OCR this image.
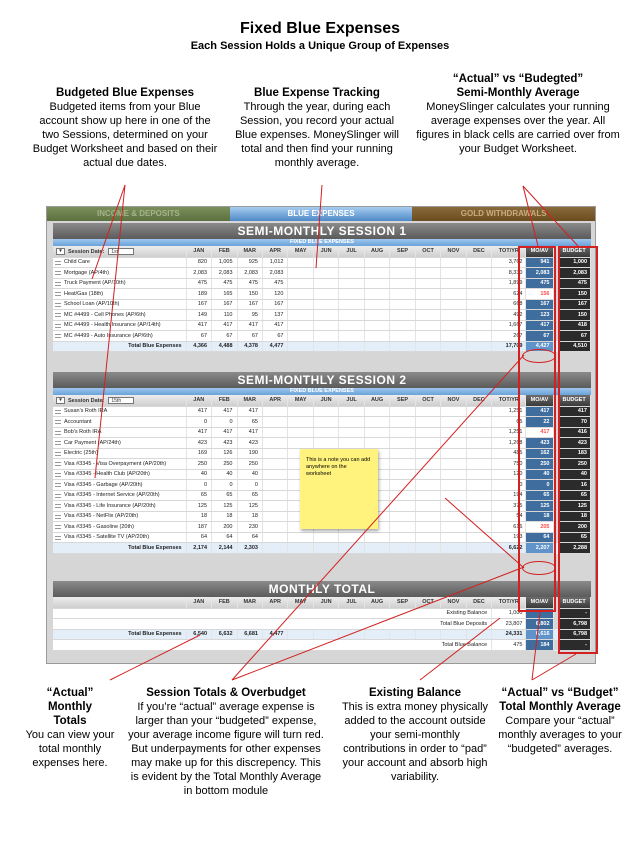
Fixed Blue Expenses
Each Session Holds a Unique Group of Expenses
Budgeted Blue Expenses
Budgeted items from your Blue account show up here in one of the two Sessions, determined on your Budget Worksheet and based on their actual due dates.
Blue Expense Tracking
Through the year, during each Session, you record your actual Blue expenses. MoneySlinger will total and then find your running monthly average.
“Actual” vs “Budegted” Semi-Monthly Average
MoneySlinger calculates your running average expenses over the year. All figures in black cells are carried over from your Budget Worksheet.
INCOME & DEPOSITS	BLUE EXPENSES	GOLD WITHDRAWALS
SEMI-MONTHLY SESSION 1
FIXED BLUE EXPENSES
▾ Session Date: 1st	JAN	FEB	MAR	APR	MAY	JUN	JUL	AUG	SEP	OCT	NOV	DEC	TOT/YR	MO/AV		BUDGET

Child Care	820	1,005	925	1,012									3,762	941		1,000

Mortgage (AP/4th)	2,083	2,083	2,083	2,083									8,330	2,083		2,083

Truck Payment (AP/10th)	475	475	475	475									1,899	475		475

Heat/Gas (18th)	189	165	150	120									624	156		150

School Loan (AP/10th)	167	167	167	167									668	167		167

MC #4499 - Cell Phones (AP/6th)	149	110	95	137									492	123		150

MC #4499 - Health Insurance (AP/14th)	417	417	417	417									1,667	417		418

MC #4499 - Auto Insurance (AP/6th)	67	67	67	67									267	67		67
Total Blue Expenses	4,366	4,488	4,378	4,477									17,709	4,427		4,510
SEMI-MONTHLY SESSION 2
FIXED BLUE EXPENSES
▾ Session Date: 15th	JAN	FEB	MAR	APR	MAY	JUN	JUL	AUG	SEP	OCT	NOV	DEC	TOT/YR	MO/AV		BUDGET

Susan's Roth IRA	417	417	417										1,251	417		417

Accountant	0	0	65										65	22		70

Bob's Roth IRA	417	417	417										1,251	417		416

Car Payment (AP/24th)	423	423	423										1,268	423		423

Electric (25th)	169	126	190										485	162		183

Visa #3345 - Visa Overpayment (AP/20th)	250	250	250										750	250		250

Visa #3345 - Health Club (AP/20th)	40	40	40										120	40		40

Visa #3345 - Garbage (AP/20th)	0	0	0										0	0		16

Visa #3345 - Internet Service (AP/20th)	65	65	65										194	65		65

Visa #3345 - Life Insurance (AP/20th)	125	125	125										375	125		125

Visa #3345 - NetFlix (AP/20th)	18	18	18										54	18		18

Visa #3345 - Gasoline (20th)	187	200	230										616	205		200

Visa #3345 - Satellite TV (AP/20th)	64	64	64										193	64		65
Total Blue Expenses	2,174	2,144	2,303										6,622	2,207		2,288
MONTHLY TOTAL
	JAN	FEB	MAR	APR	MAY	JUN	JUL	AUG	SEP	OCT	NOV	DEC	TOT/YR	MO/AV		BUDGET
Existing Balance													1,000			-
Total Blue Deposits													23,807	6,802		6,798
Total Blue Expenses	6,540	6,632	6,681	4,477									24,331	6,616		6,798
Total Blue Balance													475	184		-
This is a note you can add anywhere on the worksheet
“Actual” Monthly Totals
You can view your total monthly expenses here.
Session Totals & Overbudget
If you’re “actual” average expense is larger than your “budgeted” expense, your average income figure will turn red. But underpayments for other expenses may make up for this discrepency. This is evident by the Total Monthly Average in bottom module
Existing Balance
This is extra money physically added to the account outside your semi-monthly contributions in order to “pad” your account and absorb high variability.
“Actual” vs “Budget” Total Monthly Average
Compare your “actual” monthly averages to your “budgeted” averages.
